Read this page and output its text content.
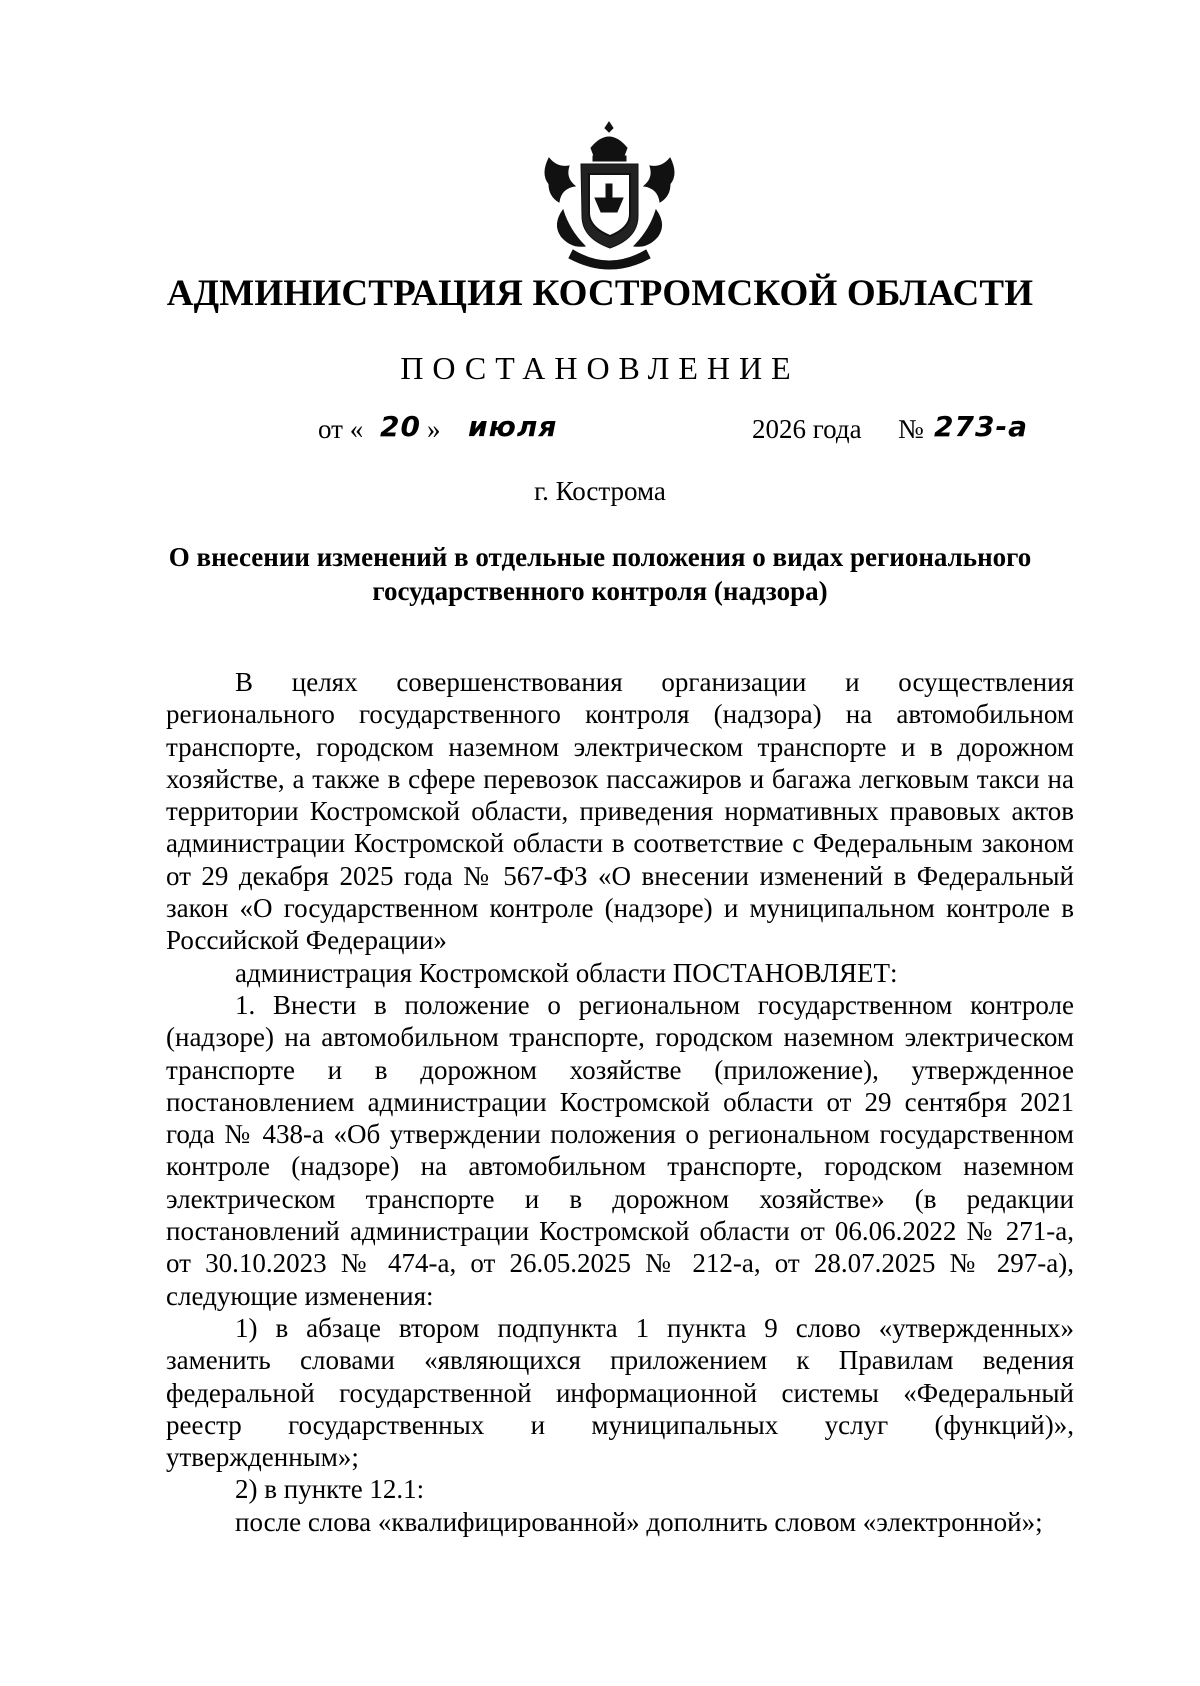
АДМИНИСТРАЦИЯ КОСТРОМСКОЙ ОБЛАСТИ
ПОСТАНОВЛЕНИЕ
от « 20 » июля	2026 года № 273-а
г. Кострома
О внесении изменений в отдельные положения о видах регионального государственного контроля (надзора)

В целях совершенствования организации и осуществления регионального государственного контроля (надзора) на автомобильном транспорте, городском наземном электрическом транспорте и в дорожном хозяйстве, а также в сфере перевозок пассажиров и багажа легковым такси на территории Костромской области, приведения нормативных правовых актов администрации Костромской области в соответствие с Федеральным законом от 29 декабря 2025 года № 567-ФЗ «О внесении изменений в Федеральный закон «О государственном контроле (надзоре) и муниципальном контроле в Российской Федерации»

администрация Костромской области ПОСТАНОВЛЯЕТ:

1. Внести в положение о региональном государственном контроле (надзоре) на автомобильном транспорте, городском наземном электрическом транспорте и в дорожном хозяйстве (приложение), утвержденное постановлением администрации Костромской области от 29 сентября 2021 года № 438-а «Об утверждении положения о региональном государственном контроле (надзоре) на автомобильном транспорте, городском наземном электрическом транспорте и в дорожном хозяйстве» (в редакции постановлений администрации Костромской области от 06.06.2022 № 271-а, от 30.10.2023 № 474-а, от 26.05.2025 № 212-а, от 28.07.2025 № 297-а), следующие изменения:

1) в абзаце втором подпункта 1 пункта 9 слово «утвержденных» заменить словами «являющихся приложением к Правилам ведения федеральной государственной информационной системы «Федеральный реестр государственных и муниципальных услуг (функций)», утвержденным»;

2) в пункте 12.1:

после слова «квалифицированной» дополнить словом «электронной»;
